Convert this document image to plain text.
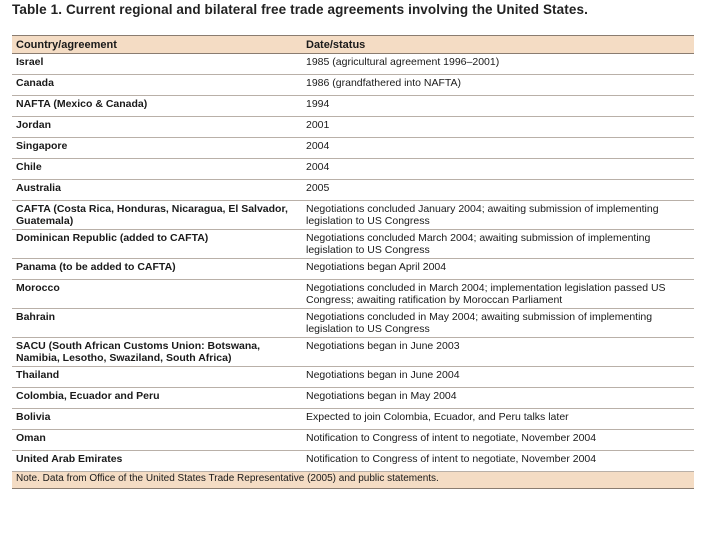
Table 1. Current regional and bilateral free trade agreements involving the United States.
Country/agreement	Date/status
Israel	1985 (agricultural agreement 1996–2001)
Canada	1986 (grandfathered into NAFTA)
NAFTA (Mexico & Canada)	1994
Jordan	2001
Singapore	2004
Chile	2004
Australia	2005
CAFTA (Costa Rica, Honduras, Nicaragua, El Salvador, Guatemala)	Negotiations concluded January 2004; awaiting submission of implementing legislation to US Congress
Dominican Republic (added to CAFTA)	Negotiations concluded March 2004; awaiting submission of implementing legislation to US Congress
Panama (to be added to CAFTA)	Negotiations began April 2004
Morocco	Negotiations concluded in March 2004; implementation legislation passed US Congress; awaiting ratification by Moroccan Parliament
Bahrain	Negotiations concluded in May 2004; awaiting submission of implementing legislation to US Congress
SACU (South African Customs Union: Botswana, Namibia, Lesotho, Swaziland, South Africa)	Negotiations began in June 2003
Thailand	Negotiations began in June 2004
Colombia, Ecuador and Peru	Negotiations began in May 2004
Bolivia	Expected to join Colombia, Ecuador, and Peru talks later
Oman	Notification to Congress of intent to negotiate, November 2004
United Arab Emirates	Notification to Congress of intent to negotiate, November 2004
Note. Data from Office of the United States Trade Representative (2005) and public statements.	
